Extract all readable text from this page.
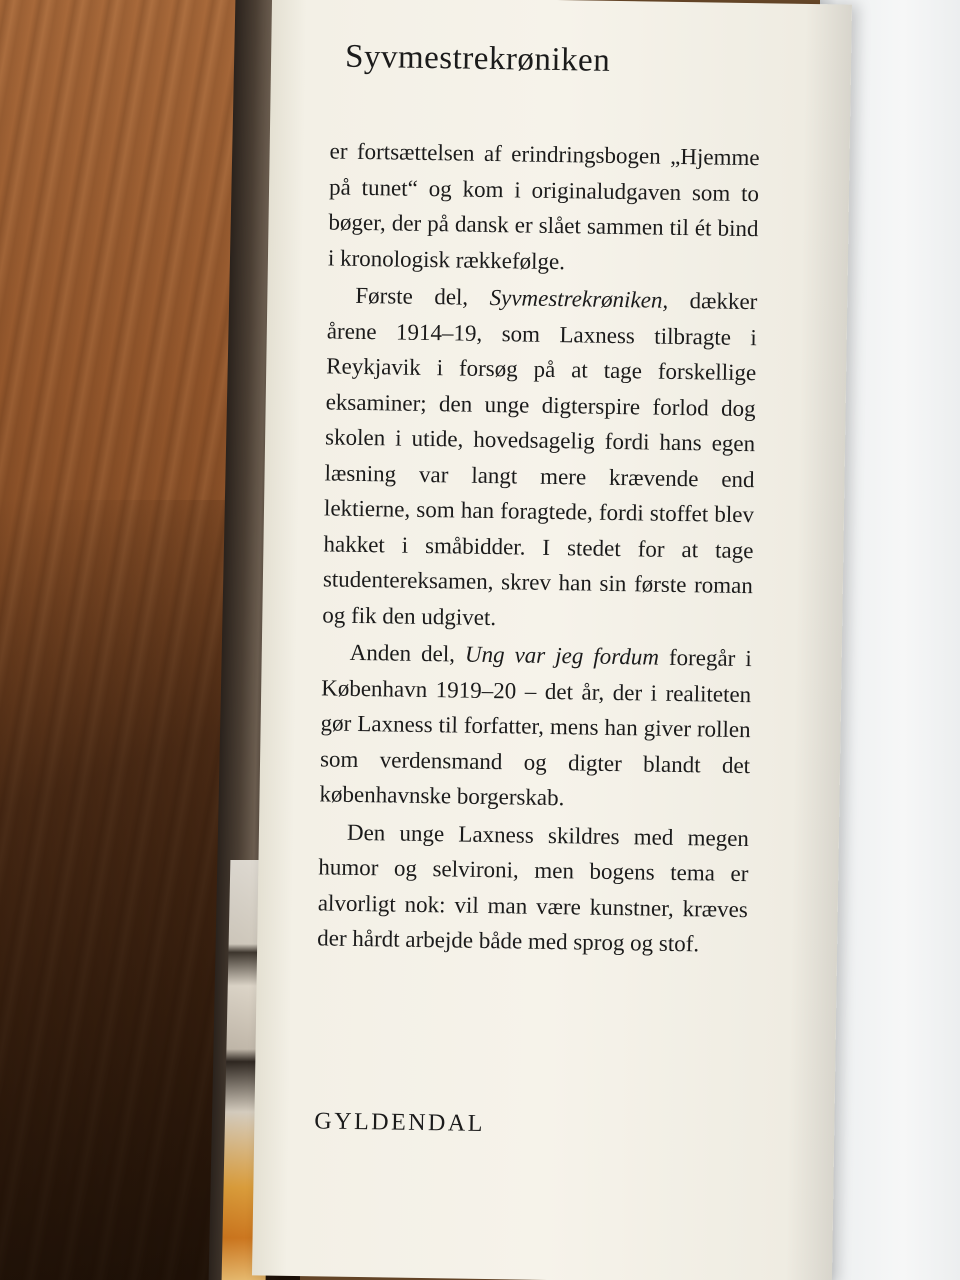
Syvmestrekrøniken

er fortsættelsen af erindringsbogen „Hjemme på tunet“ og kom i originaludgaven som to bøger, der på dansk er slået sammen til ét bind i kronologisk rækkefølge.

Første del, Syvmestrekrøniken, dækker årene 1914–19, som Laxness tilbragte i Reykjavik i forsøg på at tage forskellige eksaminer; den unge digterspire forlod dog skolen i utide, hovedsagelig fordi hans egen læsning var langt mere krævende end lektierne, som han foragtede, fordi stoffet blev hakket i småbidder. I stedet for at tage studentereksamen, skrev han sin første roman og fik den udgivet.

Anden del, Ung var jeg fordum foregår i København 1919–20 – det år, der i realiteten gør Laxness til forfatter, mens han giver rollen som verdensmand og digter blandt det københavnske borgerskab.

Den unge Laxness skildres med megen humor og selvironi, men bogens tema er alvorligt nok: vil man være kunstner, kræves der hårdt arbejde både med sprog og stof.

GYLDENDAL
